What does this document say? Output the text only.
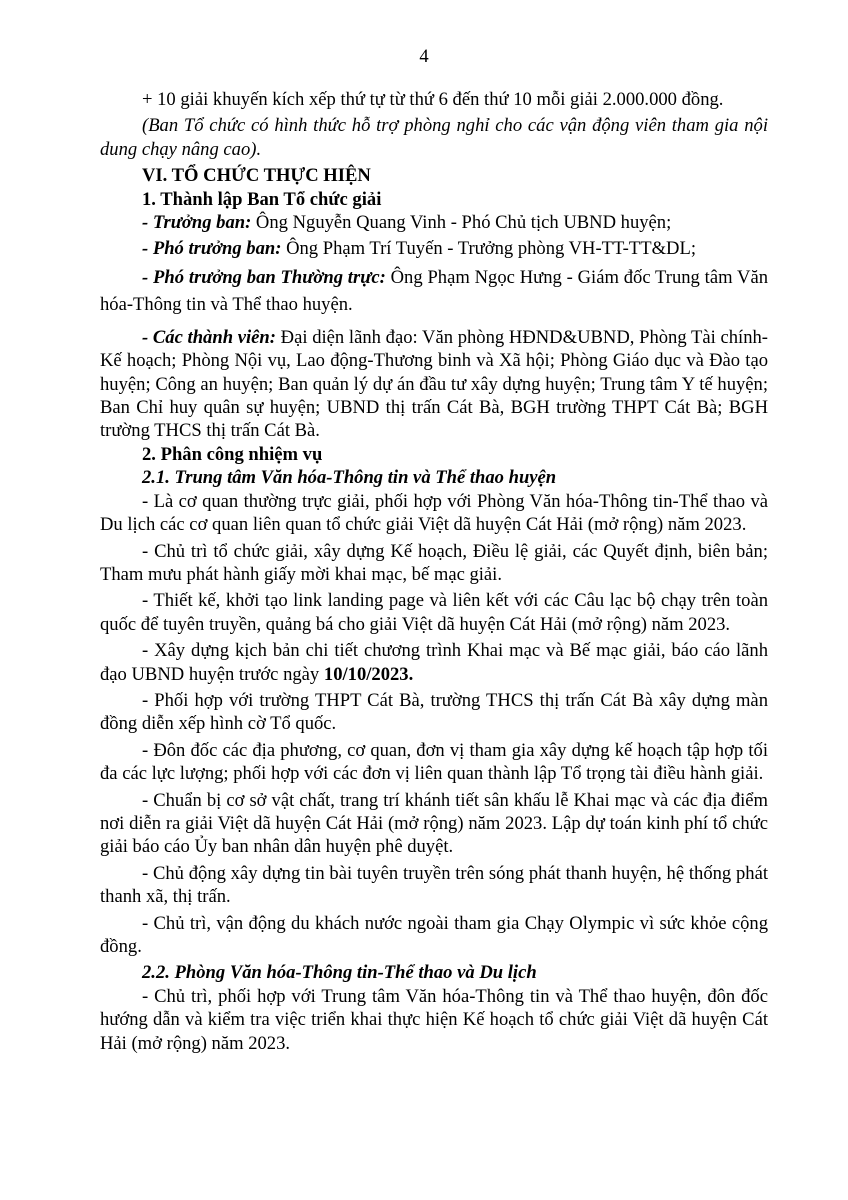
4

+ 10 giải khuyến kích xếp thứ tự từ thứ 6 đến thứ 10 mỗi giải 2.000.000 đồng.

(Ban Tổ chức có hình thức hỗ trợ phòng nghỉ cho các vận động viên tham gia nội dung chạy nâng cao).

VI. TỔ CHỨC THỰC HIỆN

1. Thành lập Ban Tổ chức giải

- Trưởng ban: Ông Nguyễn Quang Vinh - Phó Chủ tịch UBND huyện;

- Phó trưởng ban: Ông Phạm Trí Tuyến - Trưởng phòng VH-TT-TT&DL;

- Phó trưởng ban Thường trực: Ông Phạm Ngọc Hưng - Giám đốc Trung tâm Văn hóa-Thông tin và Thể thao huyện.

- Các thành viên: Đại diện lãnh đạo: Văn phòng HĐND&UBND, Phòng Tài chính-Kế hoạch; Phòng Nội vụ, Lao động-Thương binh và Xã hội; Phòng Giáo dục và Đào tạo huyện; Công an huyện; Ban quản lý dự án đầu tư xây dựng huyện; Trung tâm Y tế huyện; Ban Chỉ huy quân sự huyện; UBND thị trấn Cát Bà, BGH trường THPT Cát Bà; BGH trường THCS thị trấn Cát Bà.

2. Phân công nhiệm vụ

2.1. Trung tâm Văn hóa-Thông tin và Thể thao huyện

- Là cơ quan thường trực giải, phối hợp với Phòng Văn hóa-Thông tin-Thể thao và Du lịch các cơ quan liên quan tổ chức giải Việt dã huyện Cát Hải (mở rộng) năm 2023.

- Chủ trì tổ chức giải, xây dựng Kế hoạch, Điều lệ giải, các Quyết định, biên bản; Tham mưu phát hành giấy mời khai mạc, bế mạc giải.

- Thiết kế, khởi tạo link landing page và liên kết với các Câu lạc bộ chạy trên toàn quốc để tuyên truyền, quảng bá cho giải Việt dã huyện Cát Hải (mở rộng) năm 2023.

- Xây dựng kịch bản chi tiết chương trình Khai mạc và Bế mạc giải, báo cáo lãnh đạo UBND huyện trước ngày 10/10/2023.

- Phối hợp với trường THPT Cát Bà, trường THCS thị trấn Cát Bà xây dựng màn đồng diễn xếp hình cờ Tổ quốc.

- Đôn đốc các địa phương, cơ quan, đơn vị tham gia xây dựng kế hoạch tập hợp tối đa các lực lượng; phối hợp với các đơn vị liên quan thành lập Tổ trọng tài điều hành giải.

- Chuẩn bị cơ sở vật chất, trang trí khánh tiết sân khấu lễ Khai mạc và các địa điểm nơi diễn ra giải Việt dã huyện Cát Hải (mở rộng) năm 2023. Lập dự toán kinh phí tổ chức giải báo cáo Ủy ban nhân dân huyện phê duyệt.

- Chủ động xây dựng tin bài tuyên truyền trên sóng phát thanh huyện, hệ thống phát thanh xã, thị trấn.

- Chủ trì, vận động du khách nước ngoài tham gia Chạy Olympic vì sức khỏe cộng đồng.

2.2. Phòng Văn hóa-Thông tin-Thể thao và Du lịch

- Chủ trì, phối hợp với Trung tâm Văn hóa-Thông tin và Thể thao huyện, đôn đốc hướng dẫn và kiểm tra việc triển khai thực hiện Kế hoạch tổ chức giải Việt dã huyện Cát Hải (mở rộng) năm 2023.
